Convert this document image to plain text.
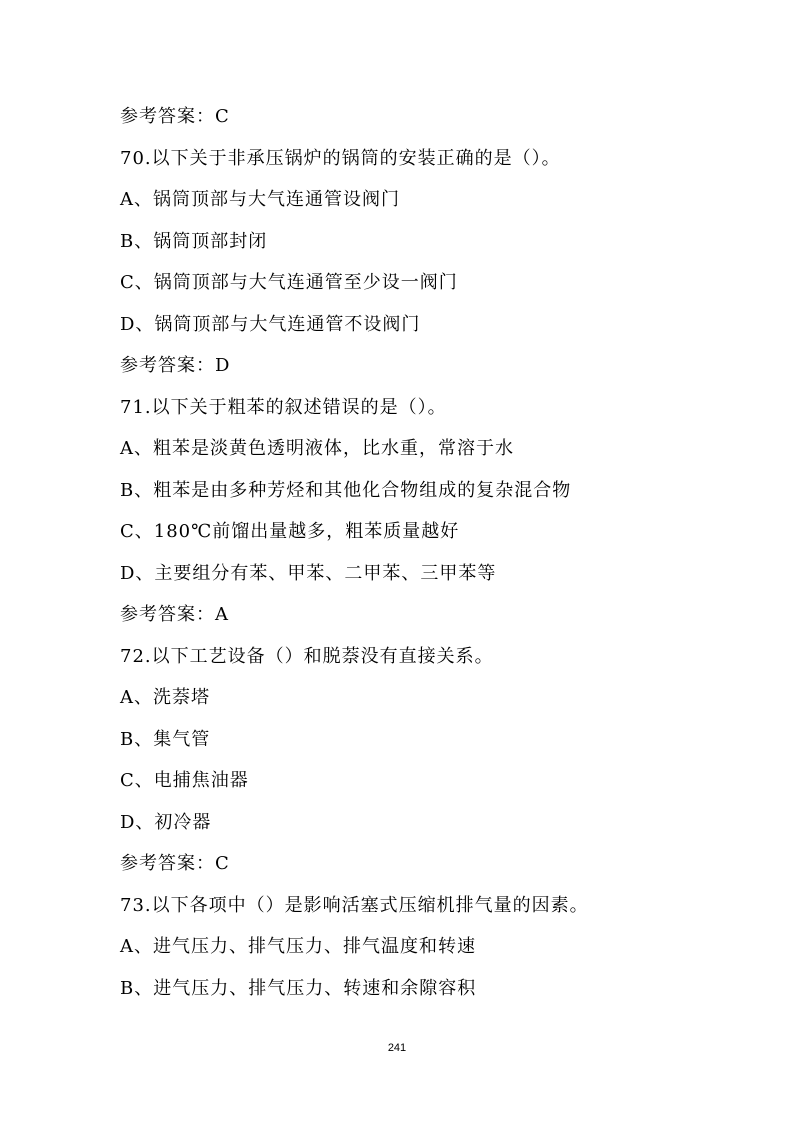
参考答案：C
70.以下关于非承压锅炉的锅筒的安装正确的是（）。
A、锅筒顶部与大气连通管设阀门
B、锅筒顶部封闭
C、锅筒顶部与大气连通管至少设一阀门
D、锅筒顶部与大气连通管不设阀门
参考答案：D
71.以下关于粗苯的叙述错误的是（）。
A、粗苯是淡黄色透明液体，比水重，常溶于水
B、粗苯是由多种芳烃和其他化合物组成的复杂混合物
C、180℃前馏出量越多，粗苯质量越好
D、主要组分有苯、甲苯、二甲苯、三甲苯等
参考答案：A
72.以下工艺设备（）和脱萘没有直接关系。
A、洗萘塔
B、集气管
C、电捕焦油器
D、初冷器
参考答案：C
73.以下各项中（）是影响活塞式压缩机排气量的因素。
A、进气压力、排气压力、排气温度和转速
B、进气压力、排气压力、转速和余隙容积
241
